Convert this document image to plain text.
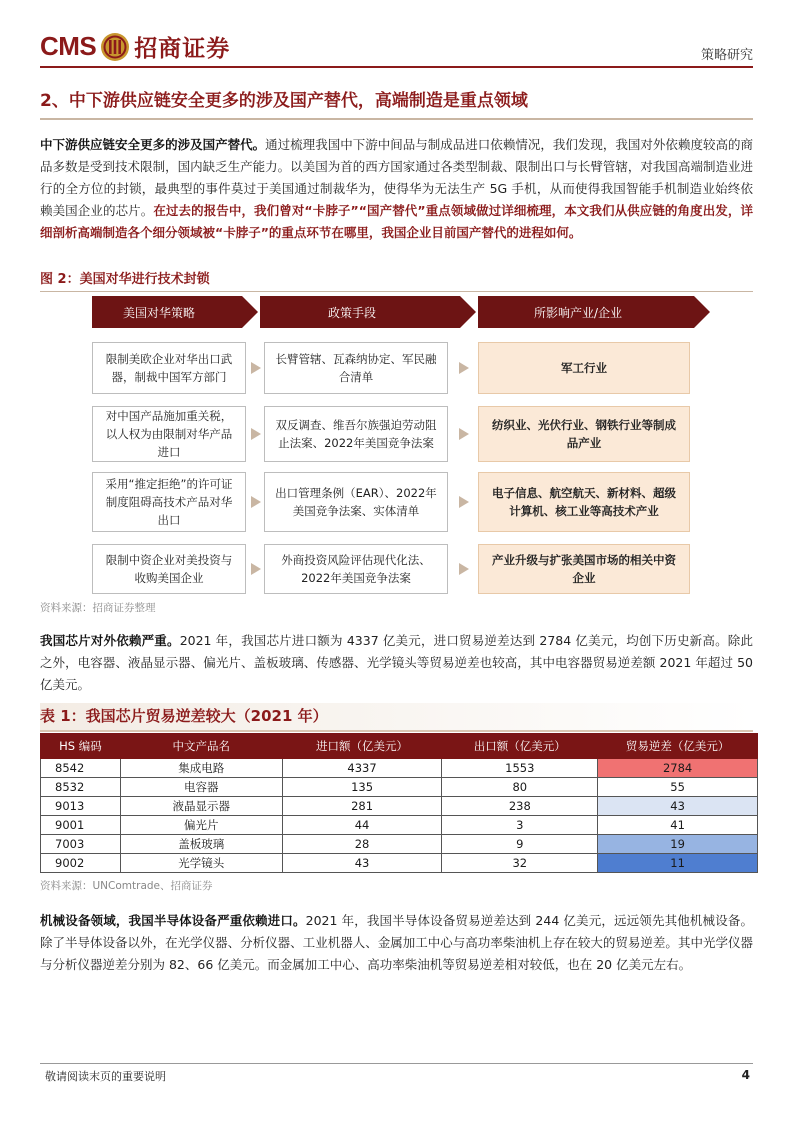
CMS 招商证券	策略研究
2、中下游供应链安全更多的涉及国产替代，高端制造是重点领域
中下游供应链安全更多的涉及国产替代。通过梳理我国中下游中间品与制成品进口依赖情况，我们发现，我国对外依赖度较高的商品多数是受到技术限制，国内缺乏生产能力。以美国为首的西方国家通过各类型制裁、限制出口与长臂管辖，对我国高端制造业进行的全方位的封锁，最典型的事件莫过于美国通过制裁华为，使得华为无法生产 5G 手机，从而使得我国智能手机制造业始终依赖美国企业的芯片。在过去的报告中，我们曾对“卡脖子”“国产替代”重点领域做过详细梳理，本文我们从供应链的角度出发，详细剖析高端制造各个细分领域被“卡脖子”的重点环节在哪里，我国企业目前国产替代的进程如何。
图 2：美国对华进行技术封锁
美国对华策略	政策手段	所影响产业/企业
限制美欧企业对华出口武器，制裁中国军方部门
长臂管辖、瓦森纳协定、军民融合清单
军工行业
对中国产品施加重关税，以人权为由限制对华产品进口
双反调查、维吾尔族强迫劳动阻止法案、2022年美国竞争法案
纺织业、光伏行业、钢铁行业等制成品产业
采用“推定拒绝”的许可证制度阻碍高技术产品对华出口
出口管理条例（EAR）、2022年美国竞争法案、实体清单
电子信息、航空航天、新材料、超级计算机、核工业等高技术产业
限制中资企业对美投资与收购美国企业
外商投资风险评估现代化法、2022年美国竞争法案
产业升级与扩张美国市场的相关中资企业
资料来源：招商证券整理
我国芯片对外依赖严重。2021 年，我国芯片进口额为 4337 亿美元，进口贸易逆差达到 2784 亿美元，均创下历史新高。除此之外，电容器、液晶显示器、偏光片、盖板玻璃、传感器、光学镜头等贸易逆差也较高，其中电容器贸易逆差额 2021 年超过 50 亿美元。
表 1：我国芯片贸易逆差较大（2021 年）
HS 编码	中文产品名	进口额（亿美元）	出口额（亿美元）	贸易逆差（亿美元）
8542	集成电路	4337	1553	2784
8532	电容器	135	80	55
9013	液晶显示器	281	238	43
9001	偏光片	44	3	41
7003	盖板玻璃	28	9	19
9002	光学镜头	43	32	11
资料来源：UNComtrade、招商证券
机械设备领域，我国半导体设备严重依赖进口。2021 年，我国半导体设备贸易逆差达到 244 亿美元，远远领先其他机械设备。除了半导体设备以外，在光学仪器、分析仪器、工业机器人、金属加工中心与高功率柴油机上存在较大的贸易逆差。其中光学仪器与分析仪器逆差分别为 82、66 亿美元。而金属加工中心、高功率柴油机等贸易逆差相对较低，也在 20 亿美元左右。
敬请阅读末页的重要说明	4
